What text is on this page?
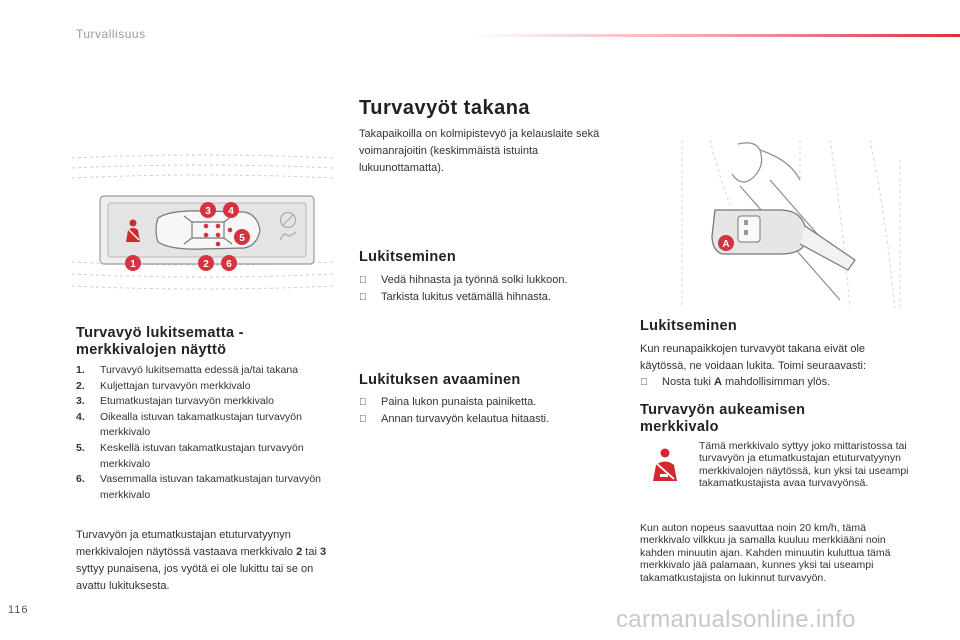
Turvallisuus
1	2
3 4
5
6
Turvavyö lukitsematta -
merkkivalojen näyttö
1. Turvavyö lukitsematta edessä ja/tai takana
2. Kuljettajan turvavyön merkkivalo
3. Etumatkustajan turvavyön merkkivalo
4. Oikealla istuvan takamatkustajan turvavyön merkkivalo
5. Keskellä istuvan takamatkustajan turvavyön merkkivalo
6. Vasemmalla istuvan takamatkustajan turvavyön merkkivalo

Turvavyön ja etumatkustajan etuturvatyynyn merkkivalojen näytössä vastaava merkkivalo 2 tai 3 syttyy punaisena, jos vyötä ei ole lukittu tai se on avattu lukituksesta.

Turvavyöt takana

Takapaikoilla on kolmipistevyö ja kelauslaite sekä voimanrajoitin (keskimmäistä istuinta lukuunottamatta).

Lukitseminen
Vedä hihnasta ja työnnä solki lukkoon.
Tarkista lukitus vetämällä hihnasta.
Lukituksen avaaminen
Paina lukon punaista painiketta.
Annan turvavyön kelautua hitaasti.
A
Lukitseminen

Kun reunapaikkojen turvavyöt takana eivät ole käytössä, ne voidaan lukita. Toimi seuraavasti:

Nosta tuki A mahdollisimman ylös.
Turvavyön aukeamisen
merkkivalo

Tämä merkkivalo syttyy joko mittaristossa tai turvavyön ja etumatkustajan etuturvatyynyn merkkivalojen näytössä, kun yksi tai useampi takamatkustajista avaa turvavyönsä.

Kun auton nopeus saavuttaa noin 20 km/h, tämä merkkivalo vilkkuu ja samalla kuuluu merkkiääni noin kahden minuutin ajan. Kahden minuutin kuluttua tämä merkkivalo jää palamaan, kunnes yksi tai useampi takamatkustajista on lukinnut turvavyön.

116	carmanualsonline.info
